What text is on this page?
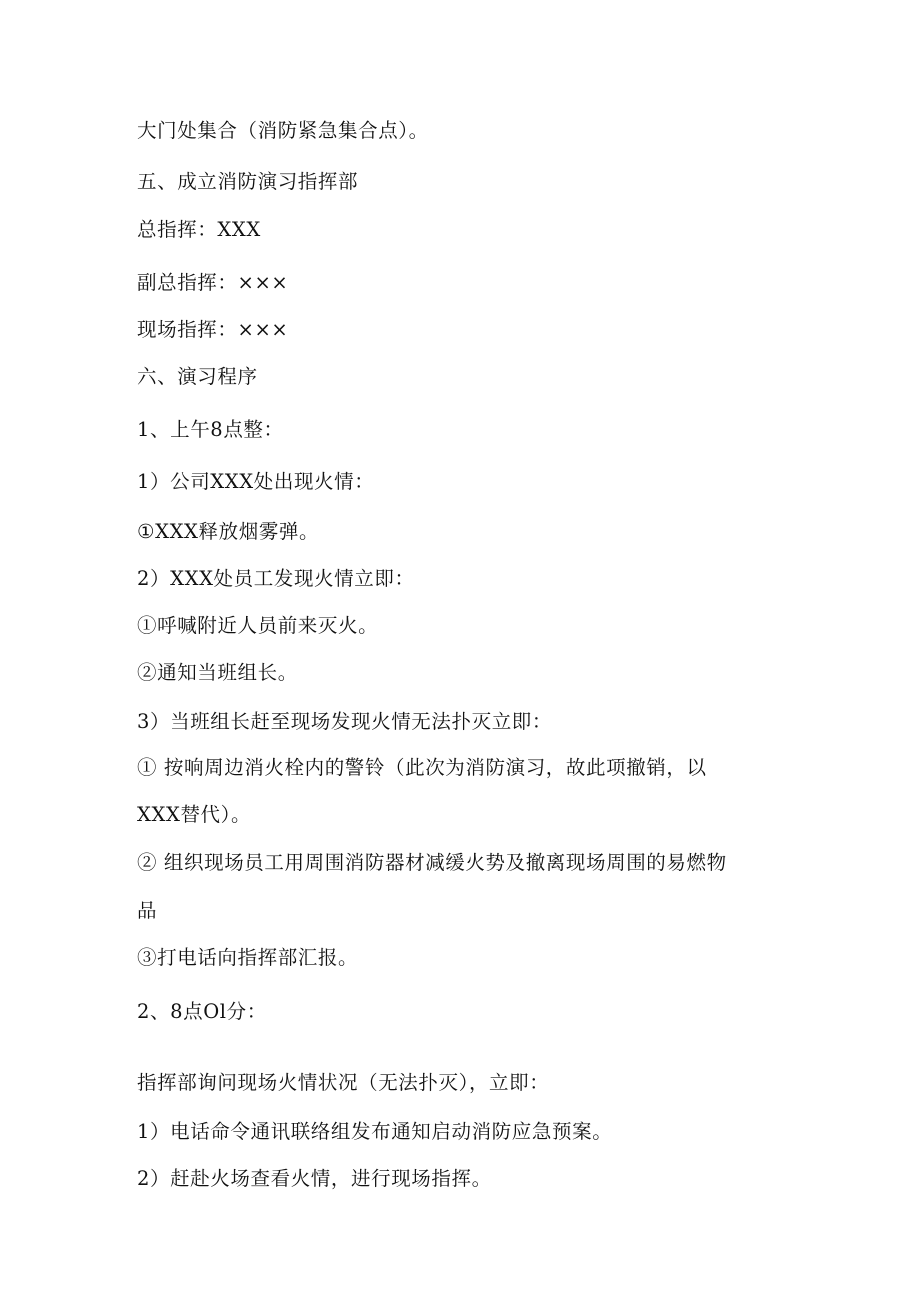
大门处集合（消防紧急集合点）。
五、成立消防演习指挥部
总指挥：XXX
副总指挥：×××
现场指挥：×××
六、演习程序
1、上午8点整：
1）公司XXX处出现火情：
①XXX释放烟雾弹。
2）XXX处员工发现火情立即：
①呼喊附近人员前来灭火。
②通知当班组长。
3）当班组长赶至现场发现火情无法扑灭立即：
① 按响周边消火栓内的警铃（此次为消防演习，故此项撤销，以
XXX替代）。
② 组织现场员工用周围消防器材减缓火势及撤离现场周围的易燃物
品
③打电话向指挥部汇报。
2、8点Ol分：
指挥部询问现场火情状况（无法扑灭），立即：
1）电话命令通讯联络组发布通知启动消防应急预案。
2）赶赴火场查看火情，进行现场指挥。
